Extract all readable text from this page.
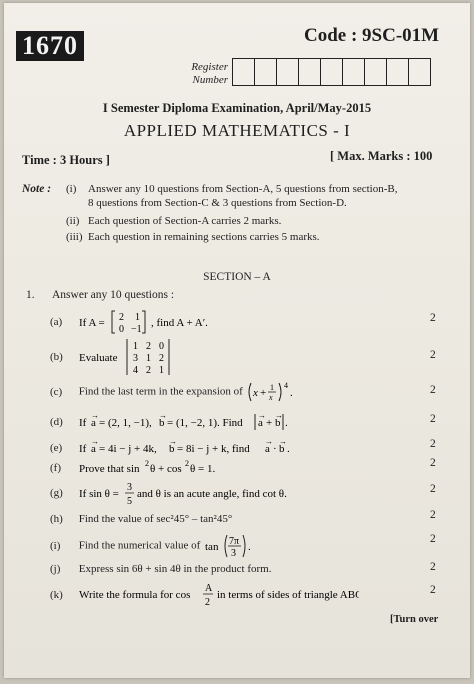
1670	Code : 9SC-01M
Register
Number
I Semester Diploma Examination, April/May-2015
APPLIED MATHEMATICS - I
Time : 3 Hours ]	[ Max. Marks : 100
Note : (i) Answer any 10 questions from Section-A, 5 questions from section-B,
8 questions from Section-C & 3 questions from Section-D.
(ii) Each question of Section-A carries 2 marks.
(iii) Each question in remaining sections carries 5 marks.
SECTION – A
1. Answer any 10 questions :
(a) If A = 2 1
0 −1
, find A + A′.	2
(b) Evaluate
1 2 0
3 1 2
4 2 1
2
(c) Find the last term in the expansion of x + 1
x
4
.	2
(d) If a
→
= (2, 1, −1), b
→
= (1, −2, 1). Find a
→
+ b
→
.	2
(e) If a
→
= 4i − j + 4k, b
→
= 8i − j + k, find a
→
· b
→
.	2
(f) Prove that sin 2 θ + cos 2 θ = 1.	2
(g) If sin θ =
3
5
and θ is an acute angle, find cot θ.	2
(h) Find the value of sec²45° – tan²45°	2
(i) Find the numerical value of tan 7π
3
.
2
(j) Express sin 6θ + sin 4θ in the product form.	2
(k) Write the formula for cos
A
2
in terms of sides of triangle ABC.	2
[Turn over
